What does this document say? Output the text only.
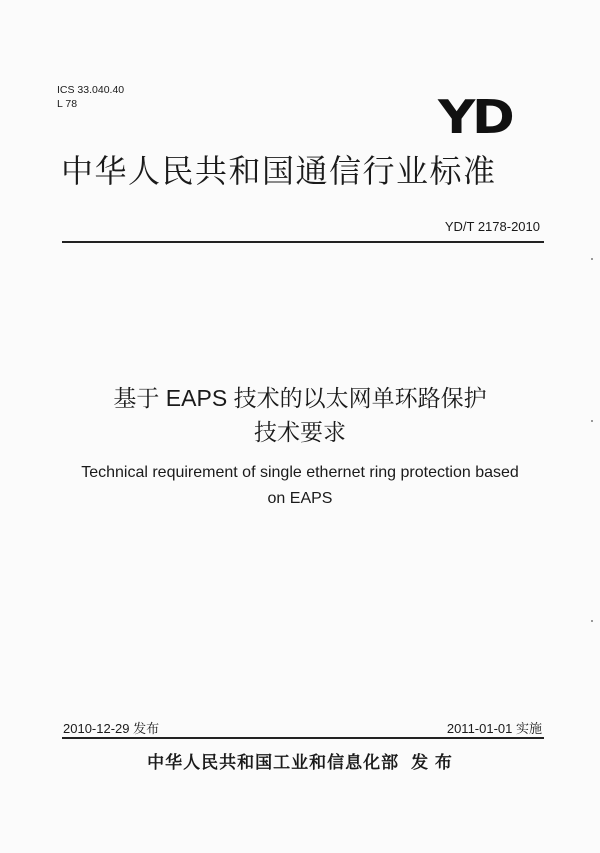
ICS 33.040.40
L 78	YD
中华人民共和国通信行业标准
YD/T 2178-2010
基于 EAPS 技术的以太网单环路保护
技术要求
Technical requirement of single ethernet ring protection based
on EAPS
2010-12-29 发布	2011-01-01 实施
中华人民共和国工业和信息化部 发 布
